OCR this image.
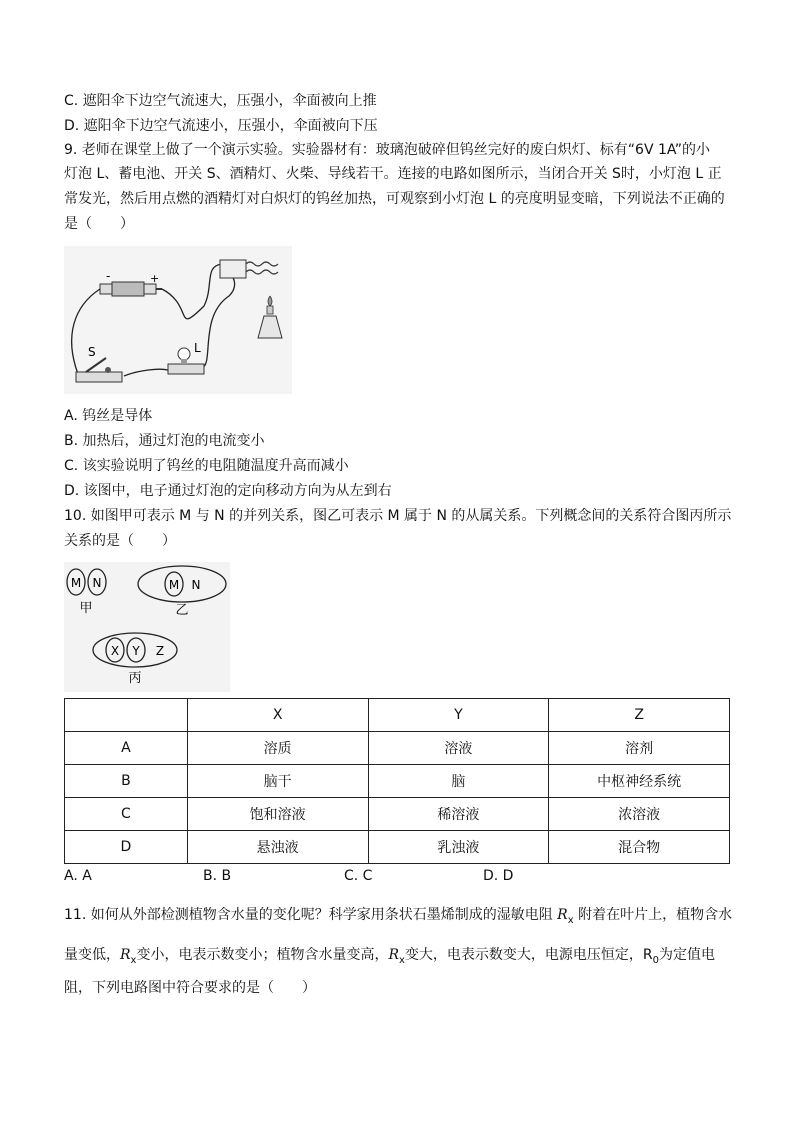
C. 遮阳伞下边空气流速大，压强小，伞面被向上推
D. 遮阳伞下边空气流速小，压强小，伞面被向下压
9. 老师在课堂上做了一个演示实验。实验器材有：玻璃泡破碎但钨丝完好的废白炽灯、标有“6V 1A”的小
灯泡 L、蓄电池、开关 S、酒精灯、火柴、导线若干。连接的电路如图所示，当闭合开关 S时，小灯泡 L 正
常发光，然后用点燃的酒精灯对白炽灯的钨丝加热，可观察到小灯泡 L 的亮度明显变暗，下列说法不正确的
是（　　）
-	+
S	L
A. 钨丝是导体
B. 加热后，通过灯泡的电流变小
C. 该实验说明了钨丝的电阻随温度升高而减小
D. 该图中，电子通过灯泡的定向移动方向为从左到右
10. 如图甲可表示 M 与 N 的并列关系，图乙可表示 M 属于 N 的从属关系。下列概念间的关系符合图丙所示
关系的是（　　）
M N
甲
M N
乙
X Y Z
丙
	X	Y	Z
A	溶质	溶液	溶剂
B	脑干	脑	中枢神经系统
C	饱和溶液	稀溶液	浓溶液
D	悬浊液	乳浊液	混合物
A. A	B. B	C. C	D. D
11. 如何从外部检测植物含水量的变化呢？科学家用条状石墨烯制成的湿敏电阻 $R_x$ 附着在叶片上，植物含水
量变低，$R_x$变小，电表示数变小；植物含水量变高，$R_x$变大，电表示数变大，电源电压恒定，$R_0$为定值电
阻，下列电路图中符合要求的是（　　）
